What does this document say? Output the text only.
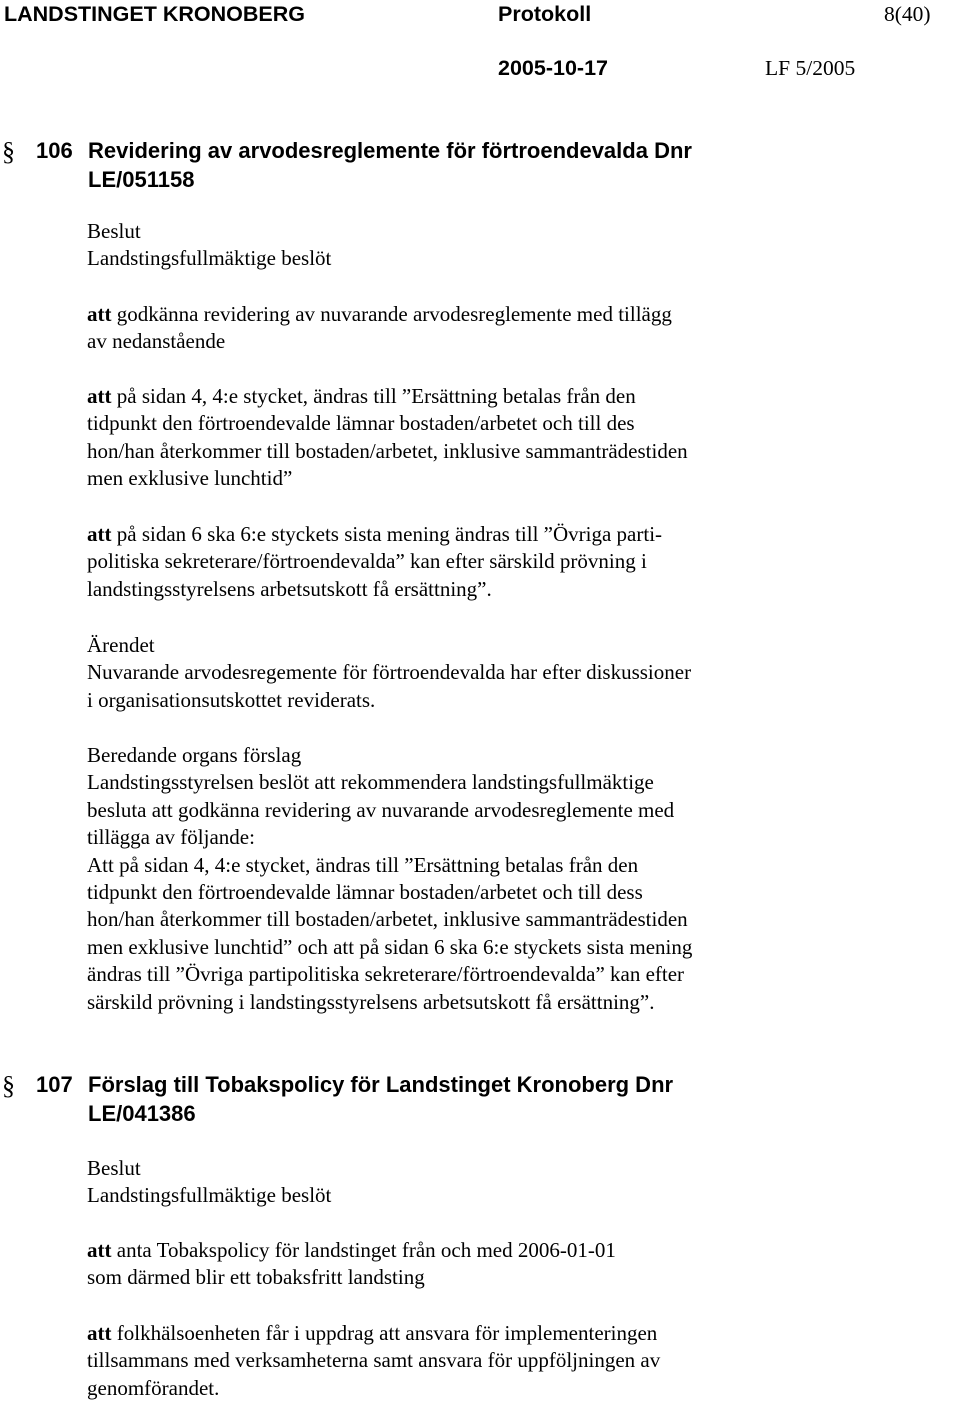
LANDSTINGET KRONOBERG	Protokoll	8(40)
2005-10-17	LF 5/2005
§ 106 Revidering av arvodesreglemente för förtroendevalda Dnr
LE/051158
Beslut
Landstingsfullmäktige beslöt
att godkänna revidering av nuvarande arvodesreglemente med tillägg
av nedanstående
att på sidan 4, 4:e stycket, ändras till ”Ersättning betalas från den
tidpunkt den förtroendevalde lämnar bostaden/arbetet och till des
hon/han återkommer till bostaden/arbetet, inklusive sammanträdestiden
men exklusive lunchtid”
att på sidan 6 ska 6:e styckets sista mening ändras till ”Övriga parti-
politiska sekreterare/förtroendevalda” kan efter särskild prövning i
landstingsstyrelsens arbetsutskott få ersättning”.
Ärendet
Nuvarande arvodesregemente för förtroendevalda har efter diskussioner
i organisationsutskottet reviderats.
Beredande organs förslag
Landstingsstyrelsen beslöt att rekommendera landstingsfullmäktige
besluta att godkänna revidering av nuvarande arvodesreglemente med
tillägga av följande:
Att på sidan 4, 4:e stycket, ändras till ”Ersättning betalas från den
tidpunkt den förtroendevalde lämnar bostaden/arbetet och till dess
hon/han återkommer till bostaden/arbetet, inklusive sammanträdestiden
men exklusive lunchtid” och att på sidan 6 ska 6:e styckets sista mening
ändras till ”Övriga partipolitiska sekreterare/förtroendevalda” kan efter
särskild prövning i landstingsstyrelsens arbetsutskott få ersättning”.
§ 107 Förslag till Tobakspolicy för Landstinget Kronoberg Dnr
LE/041386
Beslut
Landstingsfullmäktige beslöt
att anta Tobakspolicy för landstinget från och med 2006-01-01
som därmed blir ett tobaksfritt landsting
att folkhälsoenheten får i uppdrag att ansvara för implementeringen
tillsammans med verksamheterna samt ansvara för uppföljningen av
genomförandet.
